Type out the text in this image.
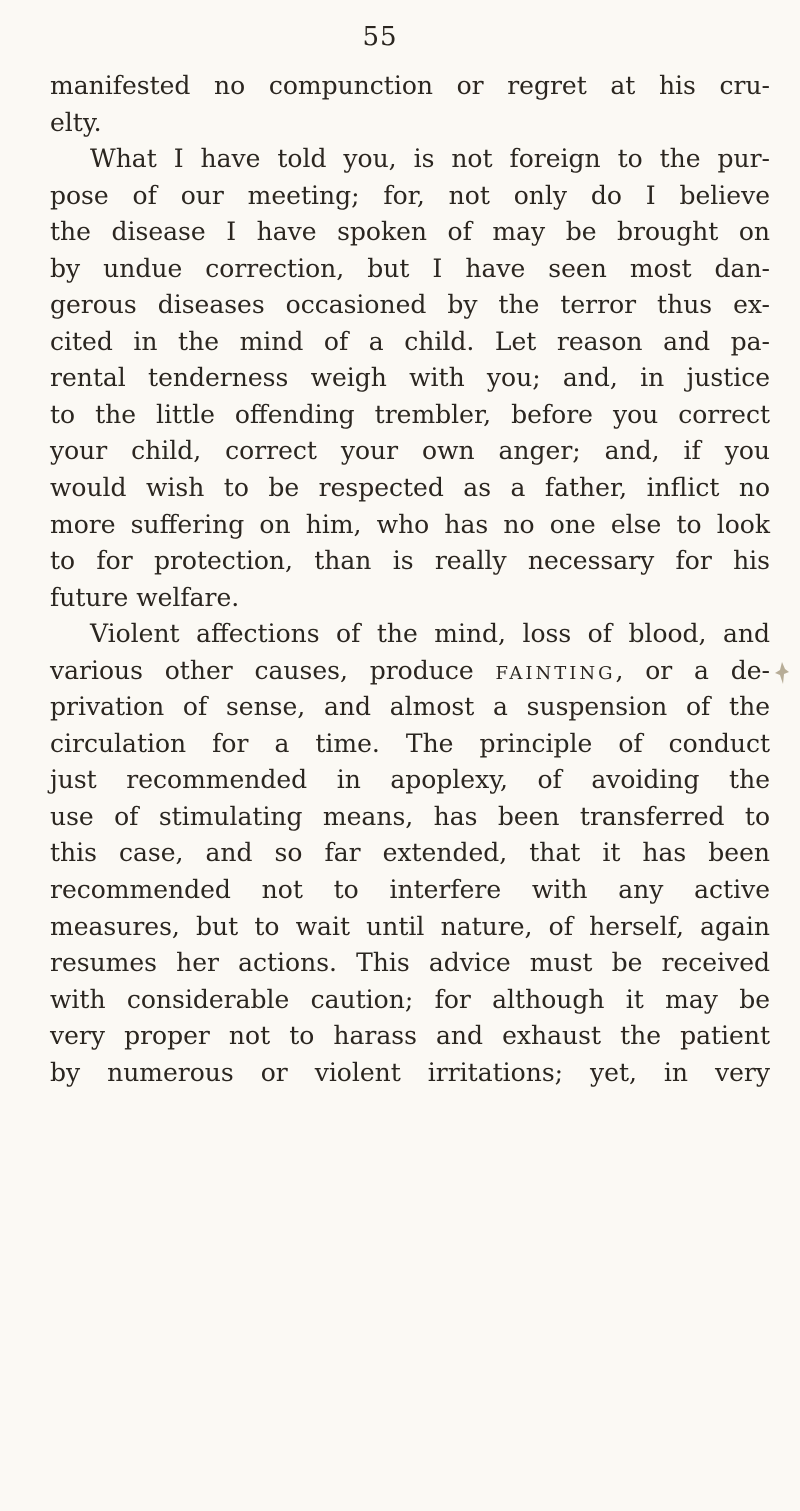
55
manifested no compunction or regret at his cru-
elty.
What I have told you, is not foreign to the pur-
pose of our meeting; for, not only do I believe
the disease I have spoken of may be brought on
by undue correction, but I have seen most dan-
gerous diseases occasioned by the terror thus ex-
cited in the mind of a child. Let reason and pa-
rental tenderness weigh with you; and, in justice
to the little offending trembler, before you correct
your child, correct your own anger; and, if you
would wish to be respected as a father, inflict no
more suffering on him, who has no one else to look
to for protection, than is really necessary for his
future welfare.
Violent affections of the mind, loss of blood, and
various other causes, produce fainting, or a de-
privation of sense, and almost a suspension of the
circulation for a time. The principle of conduct
just recommended in apoplexy, of avoiding the
use of stimulating means, has been transferred to
this case, and so far extended, that it has been
recommended not to interfere with any active
measures, but to wait until nature, of herself, again
resumes her actions. This advice must be received
with considerable caution; for although it may be
very proper not to harass and exhaust the patient
by numerous or violent irritations; yet, in very
